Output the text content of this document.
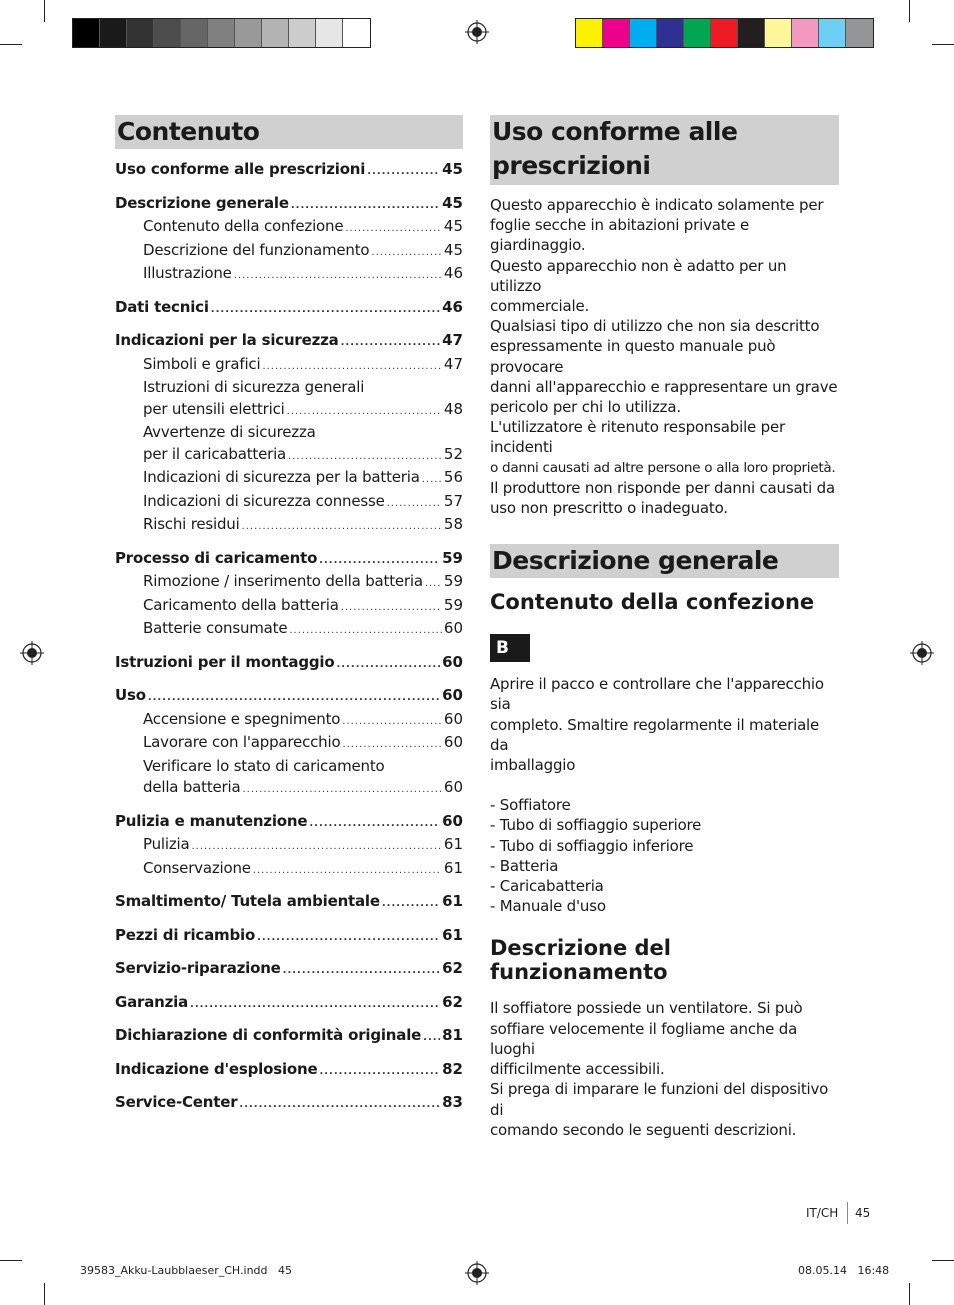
Contenuto
Uso conforme alle prescrizioni .....	45
Descrizione generale .....	45
Contenuto della confezione .....	45
Descrizione del funzionamento .....	45
Illustrazione .....	46
Dati tecnici .....	46
Indicazioni per la sicurezza .....	47
Simboli e grafici .....	47
Istruzioni di sicurezza generali
per utensili elettrici .....	48
Avvertenze di sicurezza
per il caricabatteria .....	52
Indicazioni di sicurezza per la batteria ..... 56
Indicazioni di sicurezza connesse .....	57
Rischi residui .....	58
Processo di caricamento .....	59
Rimozione / inserimento della batteria ..... 59
Caricamento della batteria .....	59
Batterie consumate .....	60
Istruzioni per il montaggio .....	60
Uso .....	60
Accensione e spegnimento .....	60
Lavorare con l'apparecchio .....	60
Verificare lo stato di caricamento
della batteria .....	60
Pulizia e manutenzione .....	60
Pulizia .....	61
Conservazione .....	61
Smaltimento/ Tutela ambientale .....	61
Pezzi di ricambio .....	61
Servizio-riparazione .....	62
Garanzia .....	62
Dichiarazione di conformità originale ..... 81
Indicazione d'esplosione .....	82
Service-Center .....	83
Uso conforme alle prescrizioni
Questo apparecchio è indicato solamente per
foglie secche in abitazioni private e giardinaggio.
Questo apparecchio non è adatto per un utilizzo
commerciale.
Qualsiasi tipo di utilizzo che non sia descritto
espressamente in questo manuale può provocare
danni all'apparecchio e rappresentare un grave
pericolo per chi lo utilizza.
L'utilizzatore è ritenuto responsabile per incidenti
o danni causati ad altre persone o alla loro proprietà.
Il produttore non risponde per danni causati da
uso non prescritto o inadeguato.
Descrizione generale
Contenuto della confezione
B
Aprire il pacco e controllare che l'apparecchio sia
completo. Smaltire regolarmente il materiale da
imballaggio
- Soffiatore
- Tubo di soffiaggio superiore
- Tubo di soffiaggio inferiore
- Batteria
- Caricabatteria
- Manuale d'uso
Descrizione del funzionamento
Il soffiatore possiede un ventilatore. Si può
soffiare velocemente il fogliame anche da luoghi
difficilmente accessibili.
Si prega di imparare le funzioni del dispositivo di
comando secondo le seguenti descrizioni.
IT/CH 45
39583_Akku-Laubblaeser_CH.indd   45	08.05.14   16:48
